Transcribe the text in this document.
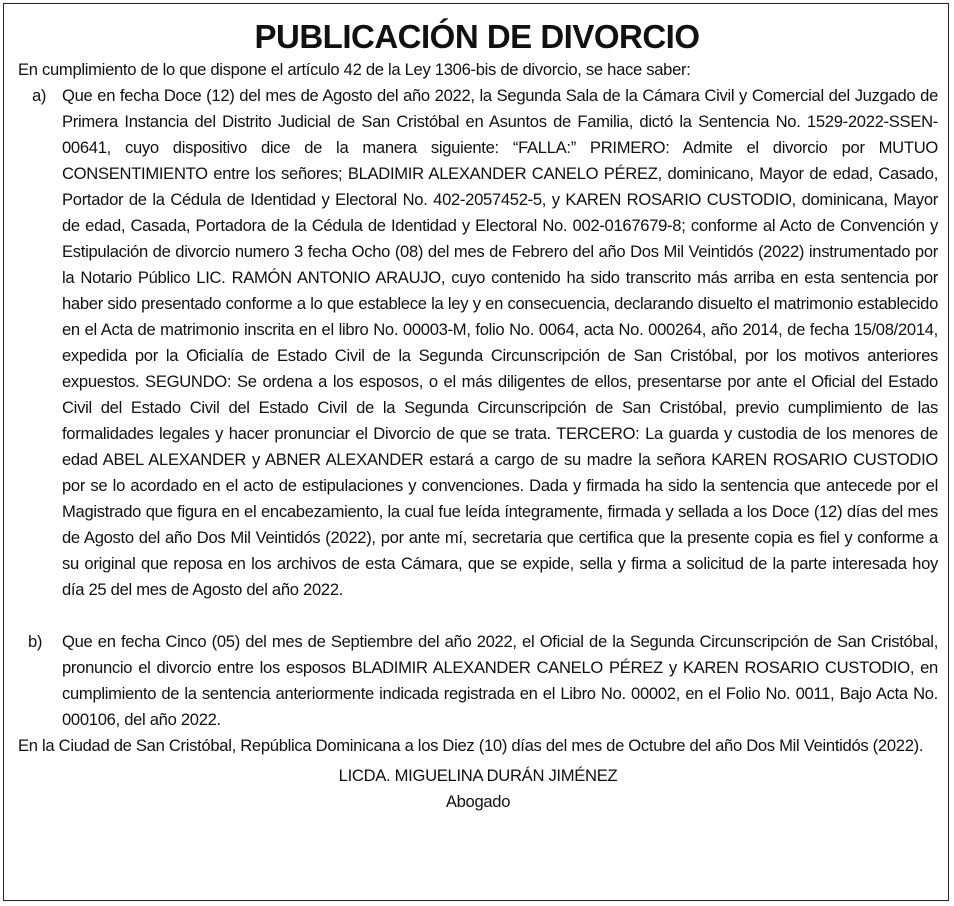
PUBLICACIÓN DE DIVORCIO

En cumplimiento de lo que dispone el artículo 42 de la Ley 1306-bis de divorcio, se hace saber:

a) Que en fecha Doce (12) del mes de Agosto del año 2022, la Segunda Sala de la Cámara Civil y Comercial del Juzgado de Primera Instancia del Distrito Judicial de San Cristóbal en Asuntos de Familia, dictó la Sentencia No. 1529-2022-SSEN-00641, cuyo dispositivo dice de la manera siguiente: “FALLA:” PRIMERO: Admite el divorcio por MUTUO CONSENTIMIENTO entre los señores; BLADIMIR ALEXANDER CANELO PÉREZ, dominicano, Mayor de edad, Casado, Portador de la Cédula de Identidad y Electoral No. 402-2057452-5, y KAREN ROSARIO CUSTODIO, dominicana, Mayor de edad, Casada, Portadora de la Cédula de Identidad y Electoral No. 002-0167679-8; conforme al Acto de Convención y Estipulación de divorcio numero 3 fecha Ocho (08) del mes de Febrero del año Dos Mil Veintidós (2022) instrumentado por la Notario Público LIC. RAMÓN ANTONIO ARAUJO, cuyo contenido ha sido transcrito más arriba en esta sentencia por haber sido presentado conforme a lo que establece la ley y en consecuencia, declarando disuelto el matrimonio establecido en el Acta de matrimonio inscrita en el libro No. 00003-M, folio No. 0064, acta No. 000264, año 2014, de fecha 15/08/2014, expedida por la Oficialía de Estado Civil de la Segunda Circunscripción de San Cristóbal, por los motivos anteriores expuestos. SEGUNDO: Se ordena a los esposos, o el más diligentes de ellos, presentarse por ante el Oficial del Estado Civil del Estado Civil del Estado Civil de la Segunda Circunscripción de San Cristóbal, previo cumplimiento de las formalidades legales y hacer pronunciar el Divorcio de que se trata. TERCERO: La guarda y custodia de los menores de edad ABEL ALEXANDER y ABNER ALEXANDER estará a cargo de su madre la señora KAREN ROSARIO CUSTODIO por se lo acordado en el acto de estipulaciones y convenciones. Dada y firmada ha sido la sentencia que antecede por el Magistrado que figura en el encabezamiento, la cual fue leída íntegramente, firmada y sellada a los Doce (12) días del mes de Agosto del año Dos Mil Veintidós (2022), por ante mí, secretaria que certifica que la presente copia es fiel y conforme a su original que reposa en los archivos de esta Cámara, que se expide, sella y firma a solicitud de la parte interesada hoy día 25 del mes de Agosto del año 2022.

b) Que en fecha Cinco (05) del mes de Septiembre del año 2022, el Oficial de la Segunda Circunscripción de San Cristóbal, pronuncio el divorcio entre los esposos BLADIMIR ALEXANDER CANELO PÉREZ y KAREN ROSARIO CUSTODIO, en cumplimiento de la sentencia anteriormente indicada registrada en el Libro No. 00002, en el Folio No. 0011, Bajo Acta No. 000106, del año 2022.

En la Ciudad de San Cristóbal, República Dominicana a los Diez (10) días del mes de Octubre del año Dos Mil Veintidós (2022).

LICDA. MIGUELINA DURÁN JIMÉNEZ

Abogado
